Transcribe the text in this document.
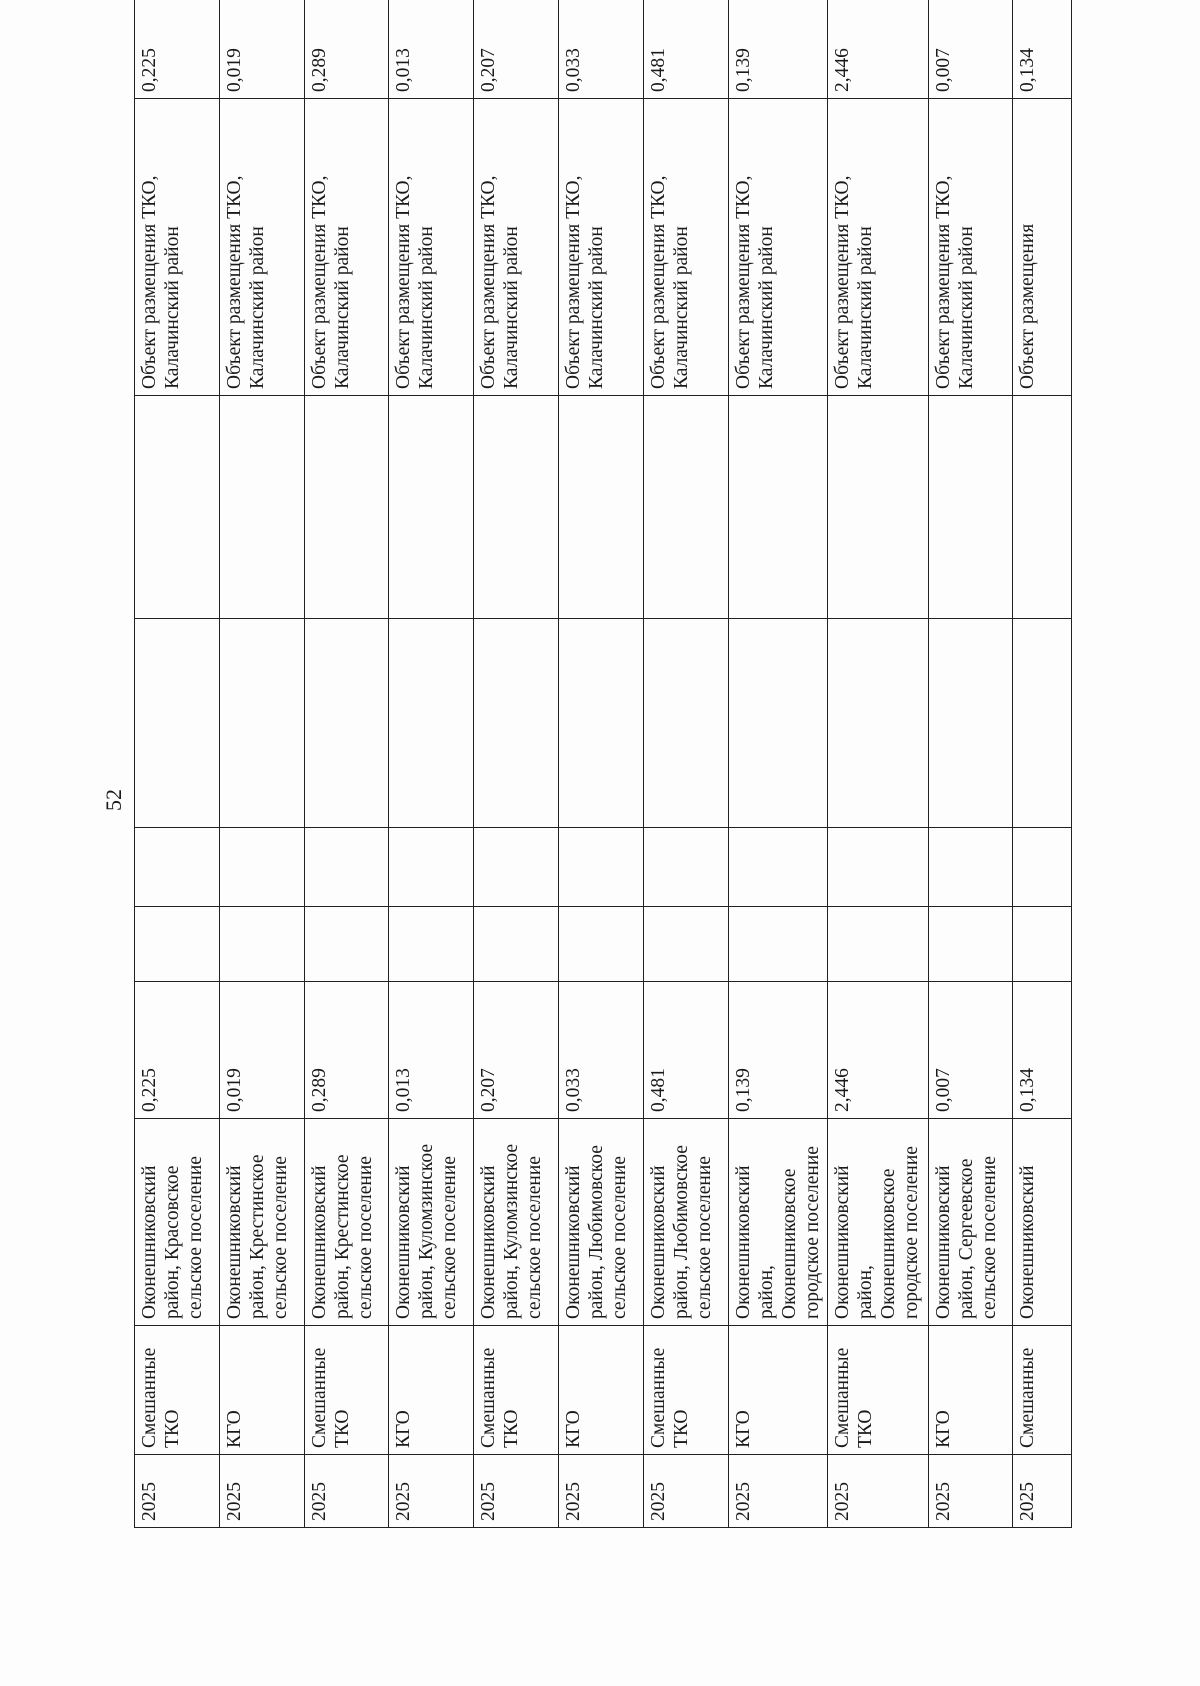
52
2025	Смешанные ТКО	Оконешниковский район, Красовское сельское поселение	0,225					Объект размещения ТКО, Калачинский район	0,225
2025	КГО	Оконешниковский район, Крестинское сельское поселение	0,019					Объект размещения ТКО, Калачинский район	0,019
2025	Смешанные ТКО	Оконешниковский район, Крестинское сельское поселение	0,289					Объект размещения ТКО, Калачинский район	0,289
2025	КГО	Оконешниковский район, Куломзинское сельское поселение	0,013					Объект размещения ТКО, Калачинский район	0,013
2025	Смешанные ТКО	Оконешниковский район, Куломзинское сельское поселение	0,207					Объект размещения ТКО, Калачинский район	0,207
2025	КГО	Оконешниковский район, Любимовское сельское поселение	0,033					Объект размещения ТКО, Калачинский район	0,033
2025	Смешанные ТКО	Оконешниковский район, Любимовское сельское поселение	0,481					Объект размещения ТКО, Калачинский район	0,481
2025	КГО	Оконешниковский район, Оконешниковское городское поселение	0,139					Объект размещения ТКО, Калачинский район	0,139
2025	Смешанные ТКО	Оконешниковский район, Оконешниковское городское поселение	2,446					Объект размещения ТКО, Калачинский район	2,446
2025	КГО	Оконешниковский район, Сергеевское сельское поселение	0,007					Объект размещения ТКО, Калачинский район	0,007
2025	Смешанные	Оконешниковский	0,134					Объект размещения	0,134
